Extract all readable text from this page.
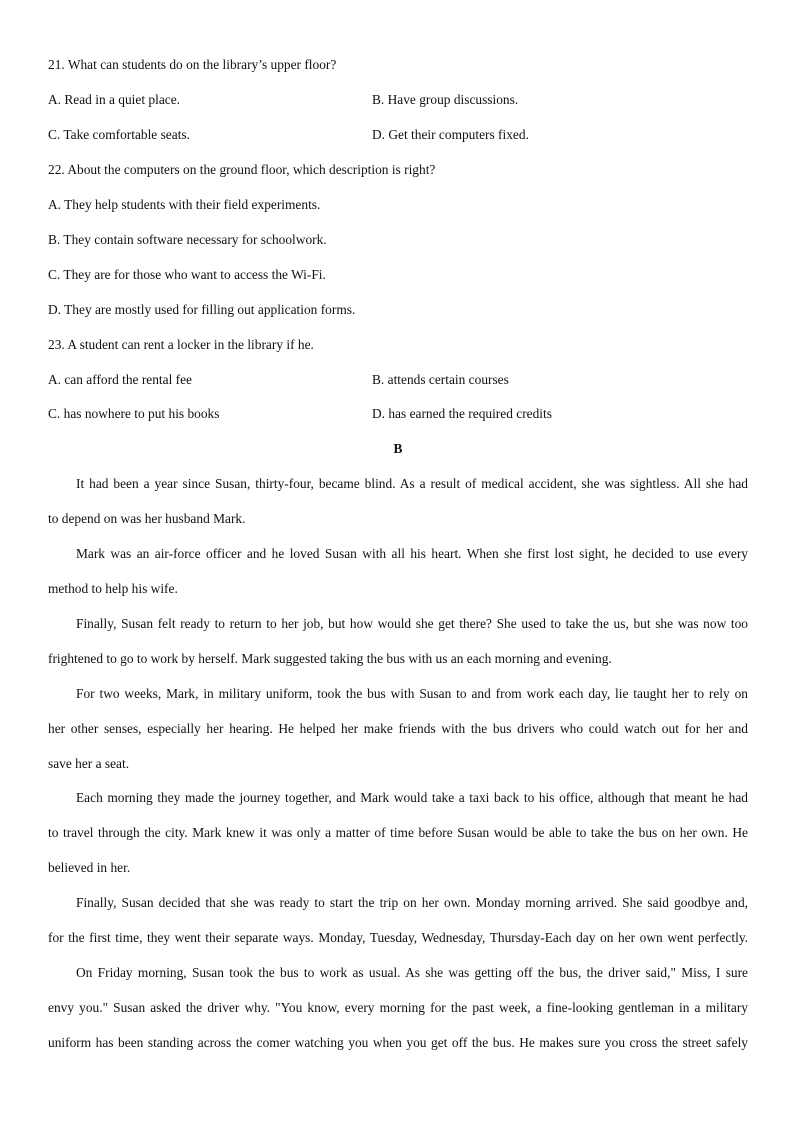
21. What can students do on the library’s upper floor?
A. Read in a quiet place.	B. Have group discussions.
C. Take comfortable seats.	D. Get their computers fixed.
22. About the computers on the ground floor, which description is right?
A. They help students with their field experiments.
B. They contain software necessary for schoolwork.
C. They are for those who want to access the Wi-Fi.
D. They are mostly used for filling out application forms.
23. A student can rent a locker in the library if he.
A. can afford the rental fee	B. attends certain courses
C. has nowhere to put his books	D. has earned the required credits
B
It had been a year since Susan, thirty-four, became blind. As a result of medical accident, she was sightless. All she had
to depend on was her husband Mark.
Mark was an air-force officer and he loved Susan with all his heart. When she first lost sight, he decided to use every
method to help his wife.
Finally, Susan felt ready to return to her job, but how would she get there? She used to take the us, but she was now too
frightened to go to work by herself. Mark suggested taking the bus with us an each morning and evening.
For two weeks, Mark, in military uniform, took the bus with Susan to and from work each day, lie taught her to rely on
her other senses, especially her hearing. He helped her make friends with the bus drivers who could watch out for her and
save her a seat.
Each morning they made the journey together, and Mark would take a taxi back to his office, although that meant he had
to travel through the city. Mark knew it was only a matter of time before Susan would be able to take the bus on her own. He
believed in her.
Finally, Susan decided that she was ready to start the trip on her own. Monday morning arrived. She said goodbye and,
for the first time, they went their separate ways. Monday, Tuesday, Wednesday, Thursday-Each day on her own went perfectly.
On Friday morning, Susan took the bus to work as usual. As she was getting off the bus, the driver said," Miss, I sure
envy you." Susan asked the driver why. "You know, every morning for the past week, a fine-looking gentleman in a military
uniform has been standing across the comer watching you when you get off the bus. He makes sure you cross the street safely
